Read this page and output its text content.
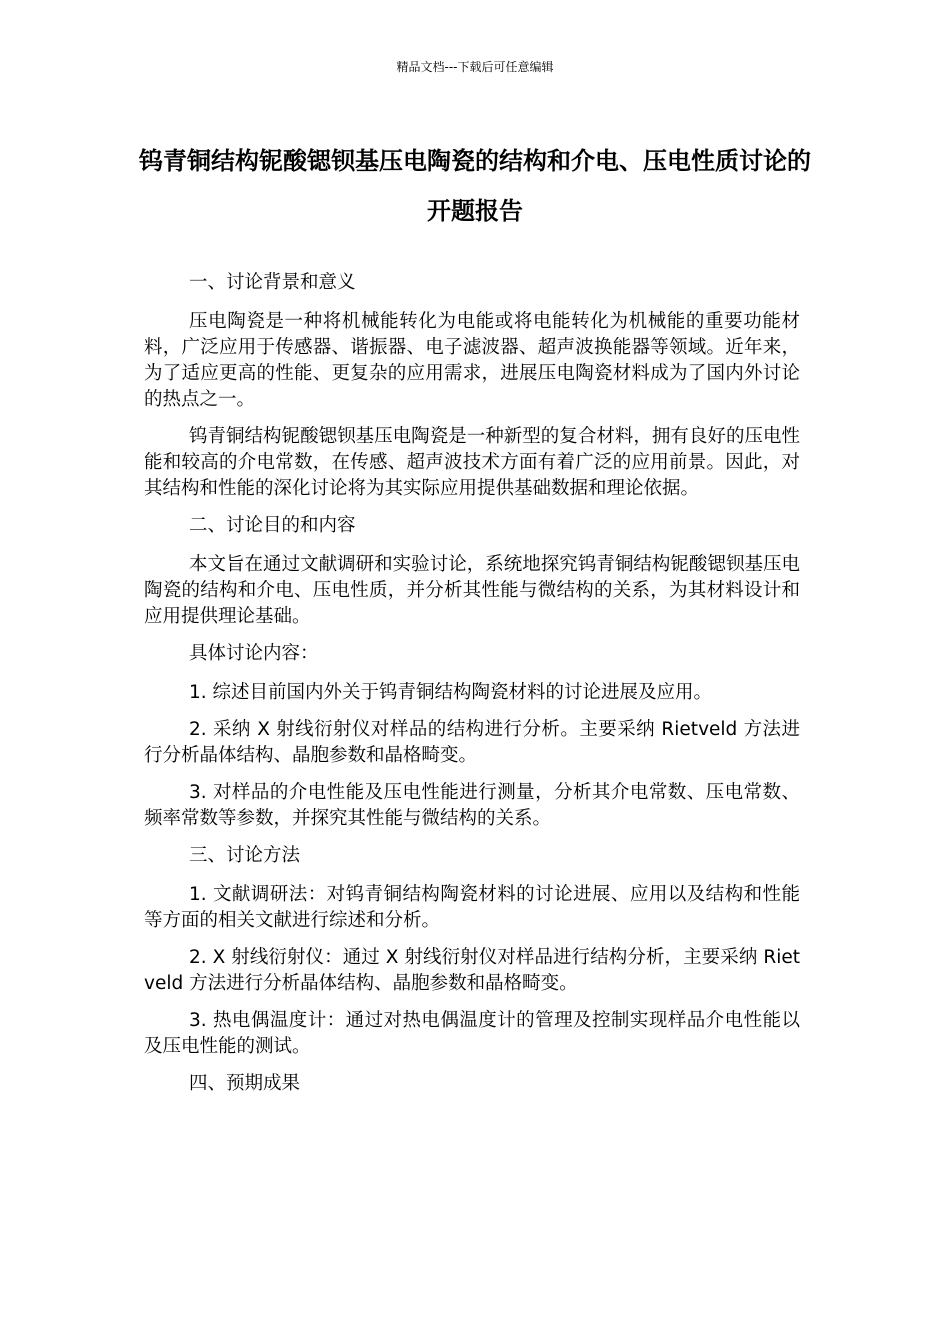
精品文档---下载后可任意编辑
钨青铜结构铌酸锶钡基压电陶瓷的结构和介电、压电性质讨论的开题报告

一、讨论背景和意义

压电陶瓷是一种将机械能转化为电能或将电能转化为机械能的重要功能材料，广泛应用于传感器、谐振器、电子滤波器、超声波换能器等领域。近年来，为了适应更高的性能、更复杂的应用需求，进展压电陶瓷材料成为了国内外讨论的热点之一。

钨青铜结构铌酸锶钡基压电陶瓷是一种新型的复合材料，拥有良好的压电性能和较高的介电常数，在传感、超声波技术方面有着广泛的应用前景。因此，对其结构和性能的深化讨论将为其实际应用提供基础数据和理论依据。

二、讨论目的和内容

本文旨在通过文献调研和实验讨论，系统地探究钨青铜结构铌酸锶钡基压电陶瓷的结构和介电、压电性质，并分析其性能与微结构的关系，为其材料设计和应用提供理论基础。

具体讨论内容：

1. 综述目前国内外关于钨青铜结构陶瓷材料的讨论进展及应用。

2. 采纳 X 射线衍射仪对样品的结构进行分析。主要采纳 Rietveld 方法进行分析晶体结构、晶胞参数和晶格畸变。

3. 对样品的介电性能及压电性能进行测量，分析其介电常数、压电常数、频率常数等参数，并探究其性能与微结构的关系。

三、讨论方法

1. 文献调研法：对钨青铜结构陶瓷材料的讨论进展、应用以及结构和性能等方面的相关文献进行综述和分析。

2. X 射线衍射仪：通过 X 射线衍射仪对样品进行结构分析，主要采纳 Rietveld 方法进行分析晶体结构、晶胞参数和晶格畸变。

3. 热电偶温度计：通过对热电偶温度计的管理及控制实现样品介电性能以及压电性能的测试。

四、预期成果
